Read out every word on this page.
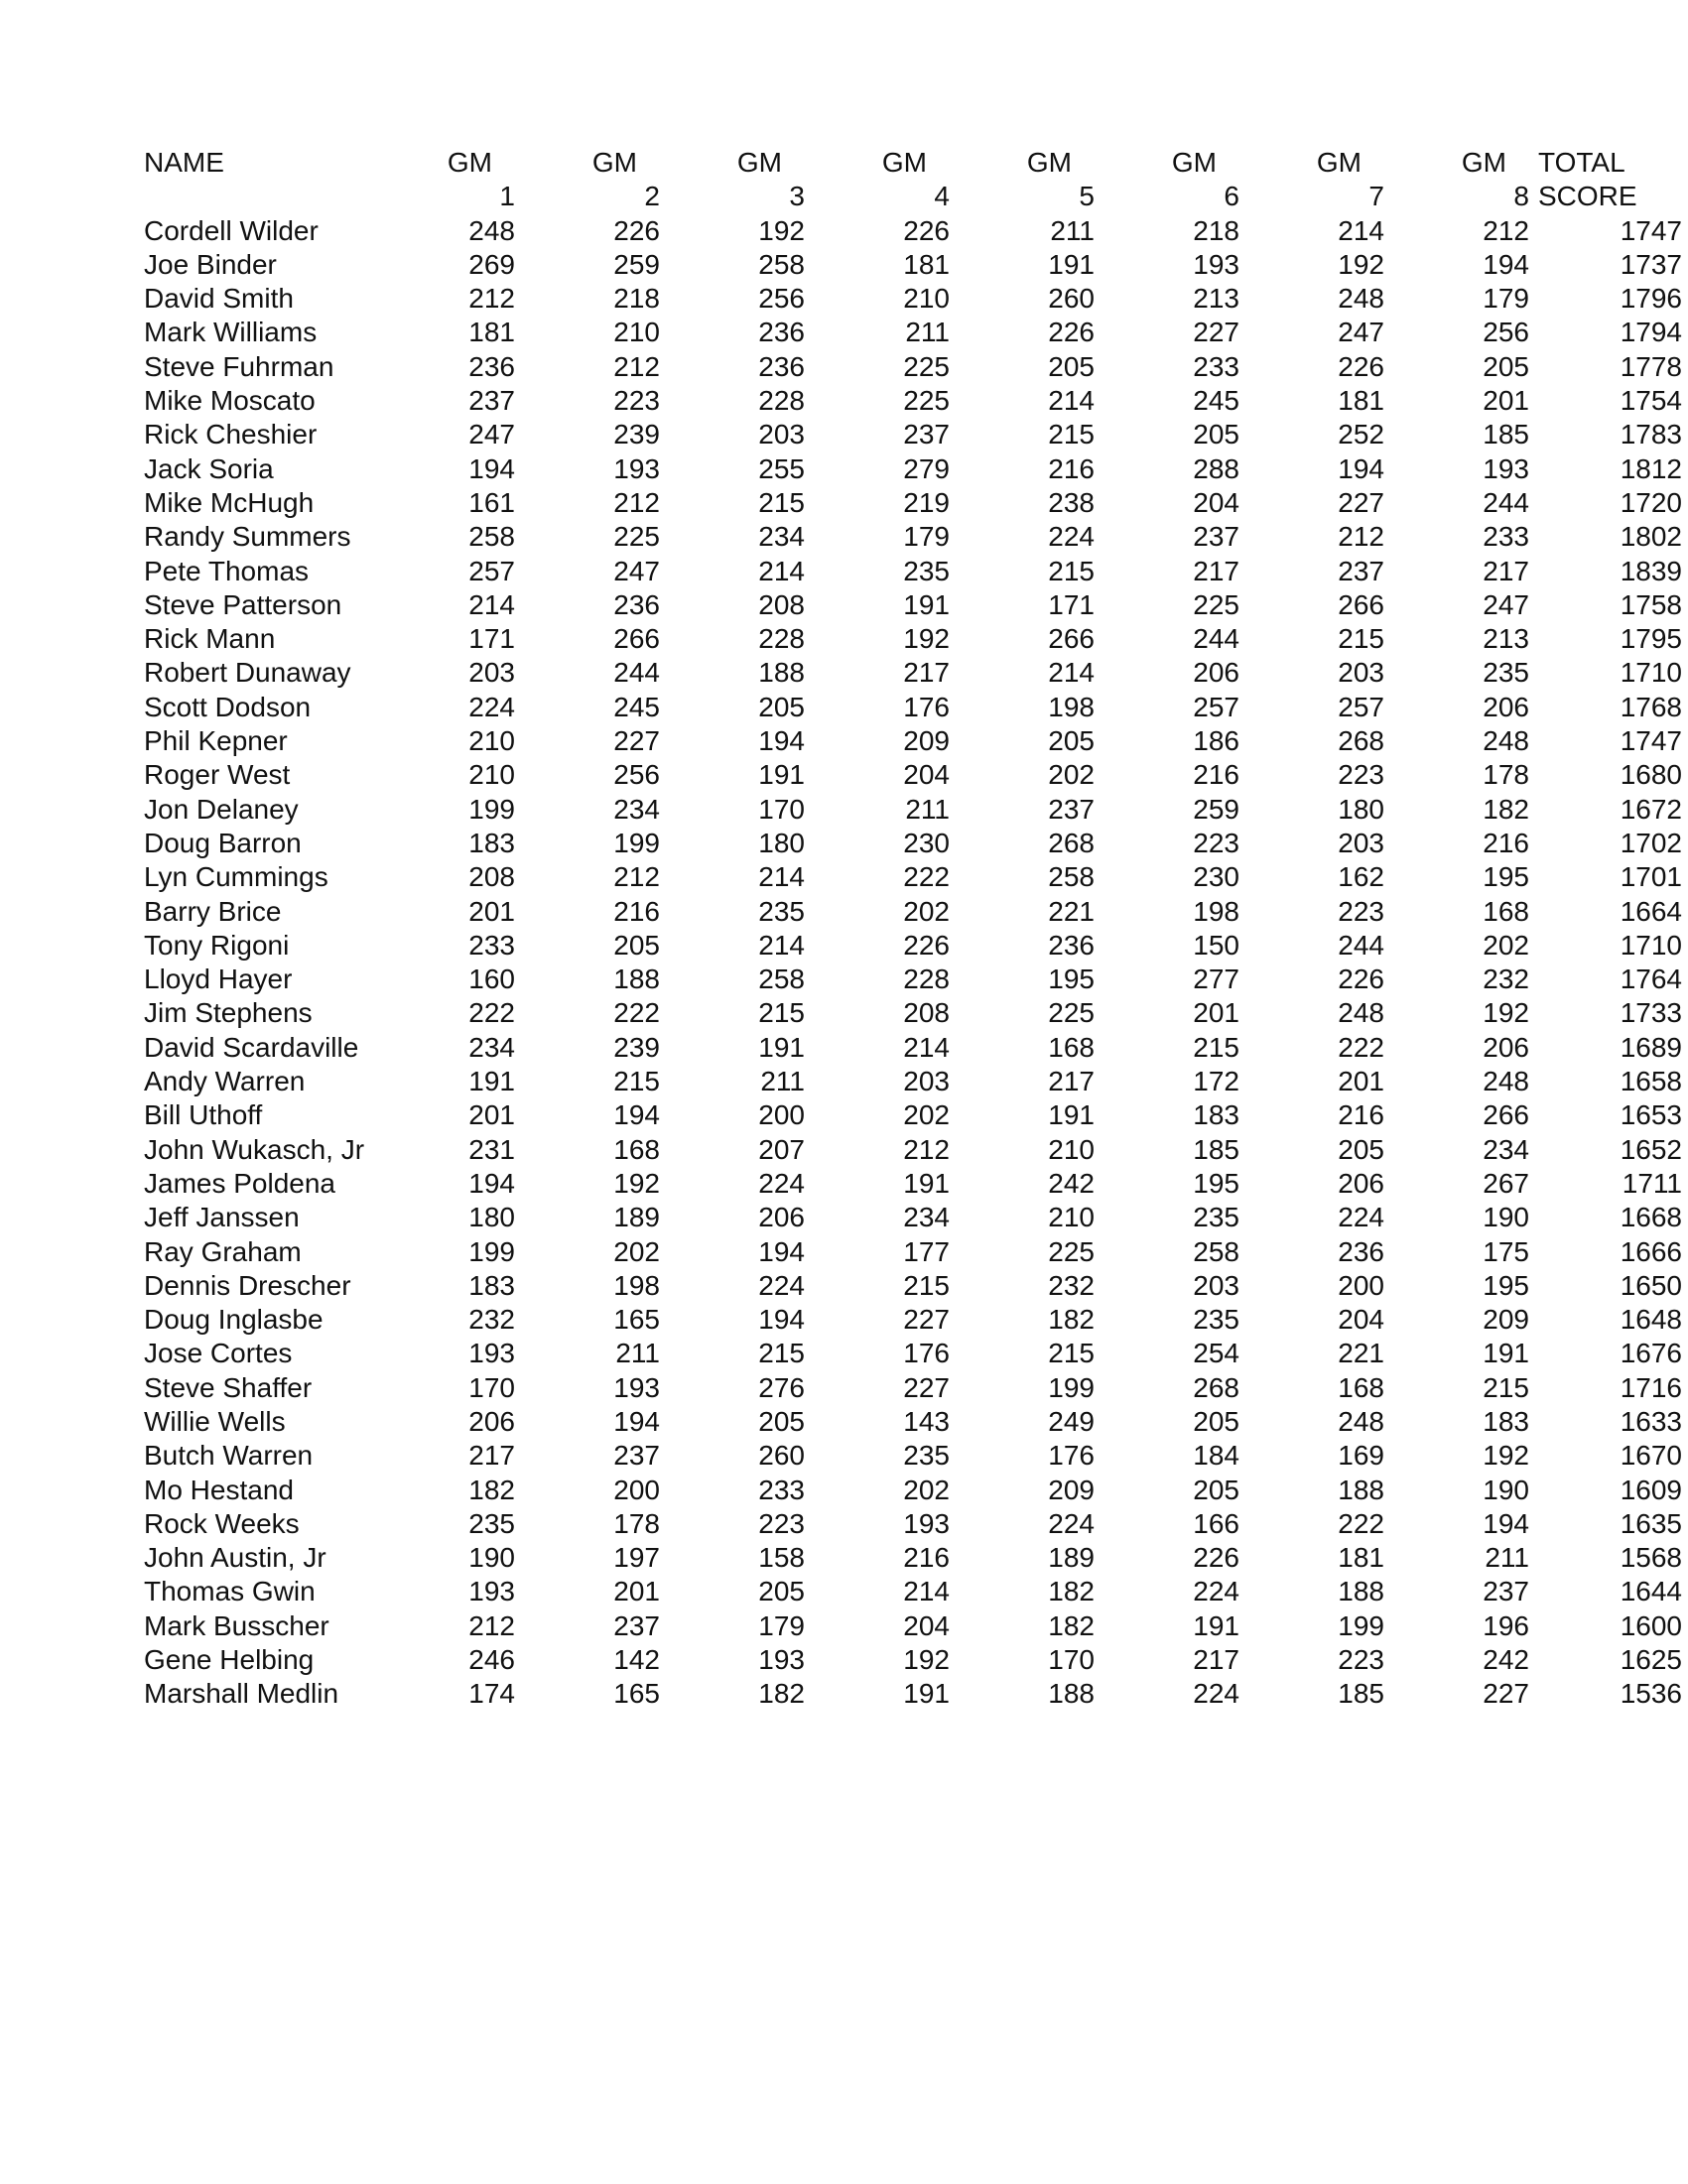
NAME	GM	GM	GM	GM	GM	GM	GM	GM	TOTAL
	1	2	3	4	5	6	7	8	SCORE
Cordell Wilder	248	226	192	226	211	218	214	212	1747
Joe Binder	269	259	258	181	191	193	192	194	1737
David Smith	212	218	256	210	260	213	248	179	1796
Mark Williams	181	210	236	211	226	227	247	256	1794
Steve Fuhrman	236	212	236	225	205	233	226	205	1778
Mike Moscato	237	223	228	225	214	245	181	201	1754
Rick Cheshier	247	239	203	237	215	205	252	185	1783
Jack Soria	194	193	255	279	216	288	194	193	1812
Mike McHugh	161	212	215	219	238	204	227	244	1720
Randy Summers	258	225	234	179	224	237	212	233	1802
Pete Thomas	257	247	214	235	215	217	237	217	1839
Steve Patterson	214	236	208	191	171	225	266	247	1758
Rick Mann	171	266	228	192	266	244	215	213	1795
Robert Dunaway	203	244	188	217	214	206	203	235	1710
Scott Dodson	224	245	205	176	198	257	257	206	1768
Phil Kepner	210	227	194	209	205	186	268	248	1747
Roger West	210	256	191	204	202	216	223	178	1680
Jon Delaney	199	234	170	211	237	259	180	182	1672
Doug Barron	183	199	180	230	268	223	203	216	1702
Lyn Cummings	208	212	214	222	258	230	162	195	1701
Barry Brice	201	216	235	202	221	198	223	168	1664
Tony Rigoni	233	205	214	226	236	150	244	202	1710
Lloyd Hayer	160	188	258	228	195	277	226	232	1764
Jim Stephens	222	222	215	208	225	201	248	192	1733
David Scardaville	234	239	191	214	168	215	222	206	1689
Andy Warren	191	215	211	203	217	172	201	248	1658
Bill Uthoff	201	194	200	202	191	183	216	266	1653
John Wukasch, Jr	231	168	207	212	210	185	205	234	1652
James Poldena	194	192	224	191	242	195	206	267	1711
Jeff Janssen	180	189	206	234	210	235	224	190	1668
Ray Graham	199	202	194	177	225	258	236	175	1666
Dennis Drescher	183	198	224	215	232	203	200	195	1650
Doug Inglasbe	232	165	194	227	182	235	204	209	1648
Jose Cortes	193	211	215	176	215	254	221	191	1676
Steve Shaffer	170	193	276	227	199	268	168	215	1716
Willie Wells	206	194	205	143	249	205	248	183	1633
Butch Warren	217	237	260	235	176	184	169	192	1670
Mo Hestand	182	200	233	202	209	205	188	190	1609
Rock Weeks	235	178	223	193	224	166	222	194	1635
John Austin, Jr	190	197	158	216	189	226	181	211	1568
Thomas Gwin	193	201	205	214	182	224	188	237	1644
Mark Busscher	212	237	179	204	182	191	199	196	1600
Gene Helbing	246	142	193	192	170	217	223	242	1625
Marshall Medlin	174	165	182	191	188	224	185	227	1536
